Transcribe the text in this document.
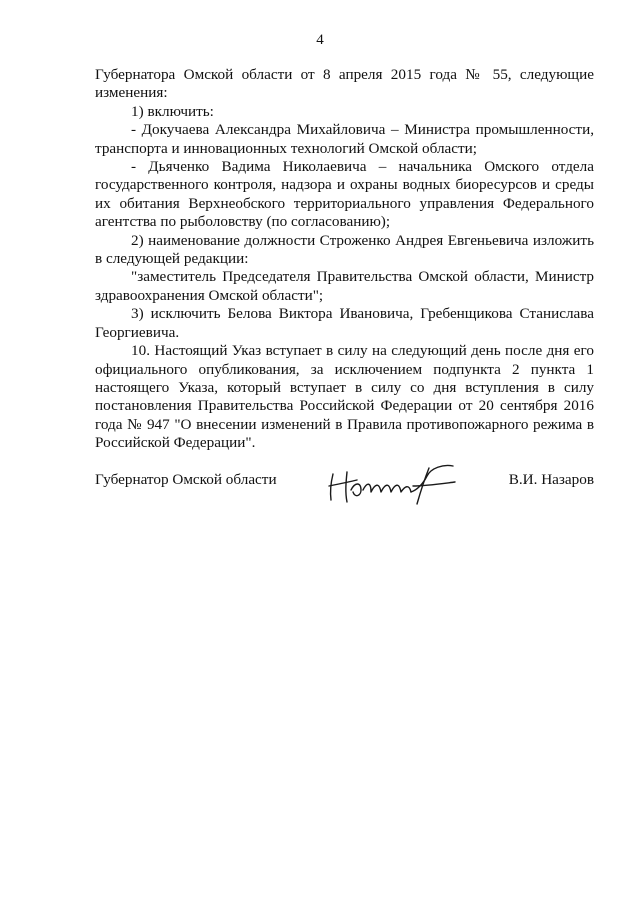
4

Губернатора Омской области от 8 апреля 2015 года № 55, следующие изменения:

1) включить:

- Докучаева Александра Михайловича – Министра промышленности, транспорта и инновационных технологий Омской области;

- Дьяченко Вадима Николаевича – начальника Омского отдела государственного контроля, надзора и охраны водных биоресурсов и среды их обитания Верхнеобского территориального управления Федерального агентства по рыболовству (по согласованию);

2) наименование должности Строженко Андрея Евгеньевича изложить в следующей редакции:

"заместитель Председателя Правительства Омской области, Министр здравоохранения Омской области";

3) исключить Белова Виктора Ивановича, Гребенщикова Станислава Георгиевича.

10. Настоящий Указ вступает в силу на следующий день после дня его официального опубликования, за исключением подпункта 2 пункта 1 настоящего Указа, который вступает в силу со дня вступления в силу постановления Правительства Российской Федерации от 20 сентября 2016 года № 947 "О внесении изменений в Правила противопожарного режима в Российской Федерации".

Губернатор Омской области	В.И. Назаров
